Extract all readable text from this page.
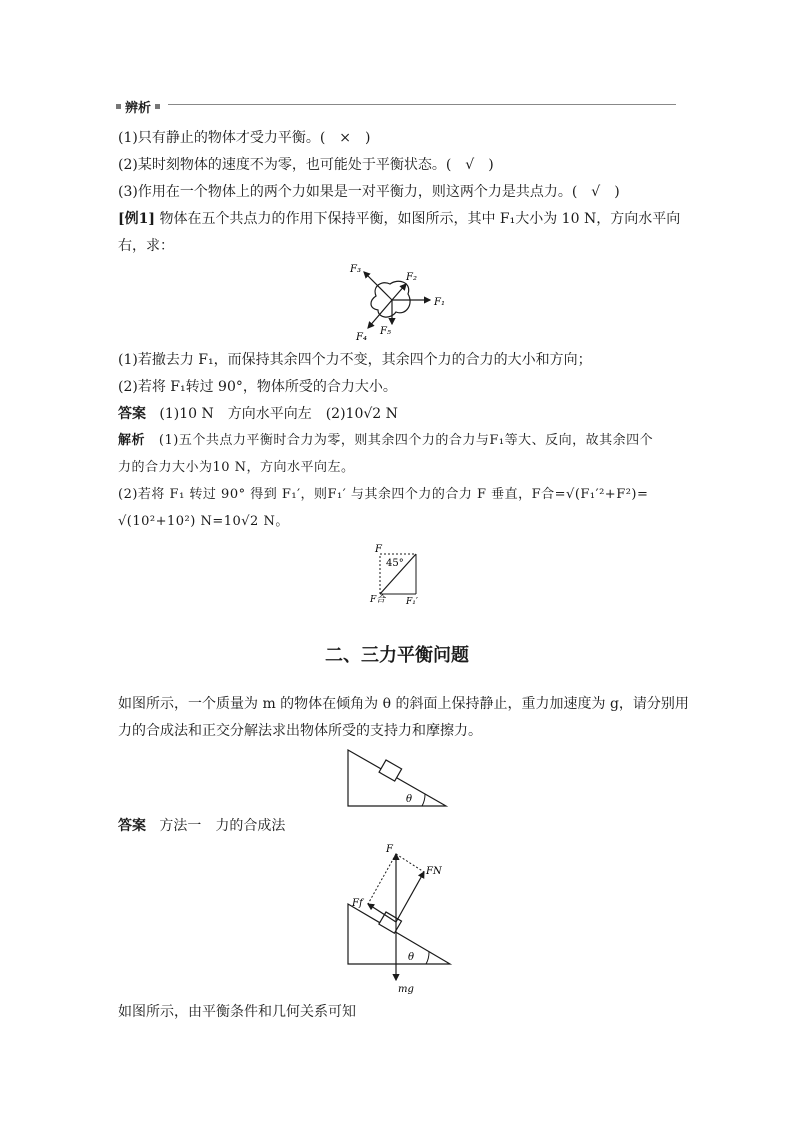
辨析
(1)只有静止的物体才受力平衡。(　×　)
(2)某时刻物体的速度不为零，也可能处于平衡状态。(　√　)
(3)作用在一个物体上的两个力如果是一对平衡力，则这两个力是共点力。(　√　)
[例1] 物体在五个共点力的作用下保持平衡，如图所示，其中 F₁大小为 10 N，方向水平向
右，求：
F₁
F₂
F₃
F₄
F₅
(1)若撤去力 F₁，而保持其余四个力不变，其余四个力的合力的大小和方向；
(2)若将 F₁转过 90°，物体所受的合力大小。
答案 (1)10 N　方向水平向左　(2)10√2 N
解析 (1)五个共点力平衡时合力为零，则其余四个力的合力与F₁等大、反向，故其余四个
力的合力大小为10 N，方向水平向左。
(2)若将 F₁ 转过 90° 得到 F₁′，则F₁′ 与其余四个力的合力 F 垂直，F合=√(F₁′²+F²)=
√(10²+10²) N=10√2 N。
F
45°
F合 F₁′
二、三力平衡问题
如图所示，一个质量为 m 的物体在倾角为 θ 的斜面上保持静止，重力加速度为 g，请分别用
力的合成法和正交分解法求出物体所受的支持力和摩擦力。
θ
答案 方法一　力的合成法
F
FN
Ff
θ
mg
如图所示，由平衡条件和几何关系可知
